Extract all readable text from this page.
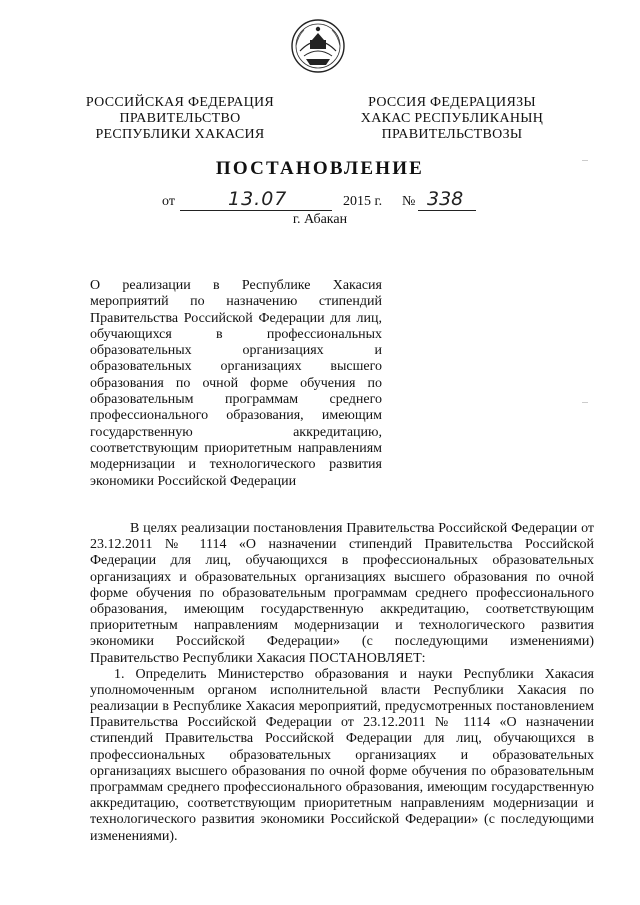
РОССИЙСКАЯ ФЕДЕРАЦИЯ
ПРАВИТЕЛЬСТВО
РЕСПУБЛИКИ ХАКАСИЯ
РОССИЯ ФЕДЕРАЦИЯЗЫ
ХАКАС РЕСПУБЛИКАНЫҢ
ПРАВИТЕЛЬСТВОЗЫ
ПОСТАНОВЛЕНИЕ
от	13.07	2015 г. № 338
г. Абакан
О реализации в Республике Хакасия
мероприятий по назначению стипендий
Правительства Российской Федерации для лиц,
обучающихся в профессиональных
образовательных организациях и
образовательных организациях высшего
образования по очной форме обучения по
образовательным программам среднего
профессионального образования, имеющим
государственную аккредитацию,
соответствующим приоритетным направлениям
модернизации и технологического развития
экономики Российской Федерации
В целях реализации постановления Правительства Российской Федерации от
23.12.2011 № 1114 «О назначении стипендий Правительства Российской
Федерации для лиц, обучающихся в профессиональных образовательных
организациях и образовательных организациях высшего образования по очной
форме обучения по образовательным программам среднего профессионального
образования, имеющим государственную аккредитацию, соответствующим
приоритетным направлениям модернизации и технологического развития
экономики Российской Федерации» (с последующими изменениями)
Правительство Республики Хакасия ПОСТАНОВЛЯЕТ:
1. Определить Министерство образования и науки Республики Хакасия
уполномоченным органом исполнительной власти Республики Хакасия по
реализации в Республике Хакасия мероприятий, предусмотренных постановлением
Правительства Российской Федерации от 23.12.2011 № 1114 «О назначении
стипендий Правительства Российской Федерации для лиц, обучающихся в
профессиональных образовательных организациях и образовательных
организациях высшего образования по очной форме обучения по образовательным
программам среднего профессионального образования, имеющим государственную
аккредитацию, соответствующим приоритетным направлениям модернизации и
технологического развития экономики Российской Федерации» (с последующими
изменениями).
